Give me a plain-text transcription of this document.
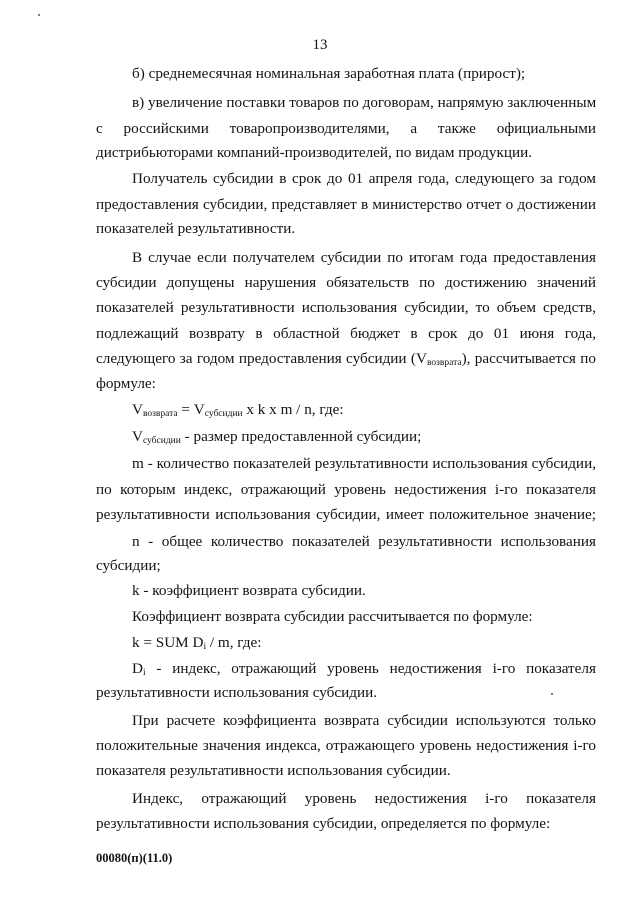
13
б) среднемесячная номинальная заработная плата (прирост);
в) увеличение поставки товаров по договорам, напрямую заключенным
с российскими товаропроизводителями, а также официальными
дистрибьюторами компаний-производителей, по видам продукции.
Получатель субсидии в срок до 01 апреля года, следующего за годом
предоставления субсидии, представляет в министерство отчет о достижении
показателей результативности.
В случае если получателем субсидии по итогам года предоставления
субсидии допущены нарушения обязательств по достижению значений
показателей результативности использования субсидии, то объем средств,
подлежащий возврату в областной бюджет в срок до 01 июня года,
следующего за годом предоставления субсидии $(V_{возврата})$, рассчитывается по
формуле:
$V_{возврата} = V_{субсидии}$ x k x m / n, где:
$V_{субсидии}$ - размер предоставленной субсидии;
m - количество показателей результативности использования субсидии,
по которым индекс, отражающий уровень недостижения i-го показателя
результативности использования субсидии, имеет положительное значение;
n - общее количество показателей результативности использования
субсидии;
k - коэффициент возврата субсидии.
Коэффициент возврата субсидии рассчитывается по формуле:
k = SUM $D_i$ / m, где:
$D_i$ - индекс, отражающий уровень недостижения i-го показателя
результативности использования субсидии.
При расчете коэффициента возврата субсидии используются только
положительные значения индекса, отражающего уровень недостижения i-го
показателя результативности использования субсидии.
Индекс, отражающий уровень недостижения i-го показателя
результативности использования субсидии, определяется по формуле:
00080(п)(11.0)
